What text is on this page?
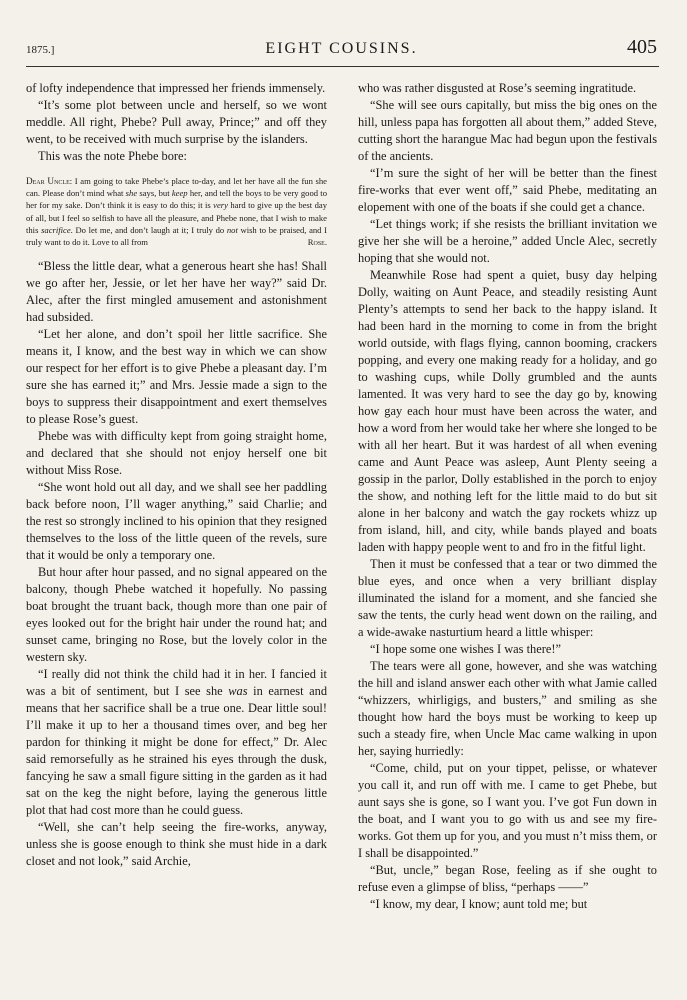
1875.]	EIGHT COUSINS.	405

of lofty independence that impressed her friends immensely.

“It’s some plot between uncle and herself, so we wont meddle. All right, Phebe? Pull away, Prince;” and off they went, to be received with much surprise by the islanders.

This was the note Phebe bore:

Dear Uncle: I am going to take Phebe’s place to-day, and let her have all the fun she can. Please don’t mind what she says, but keep her, and tell the boys to be very good to her for my sake. Don’t think it is easy to do this; it is very hard to give up the best day of all, but I feel so selfish to have all the pleasure, and Phebe none, that I wish to make this sacrifice. Do let me, and don’t laugh at it; I truly do not wish to be praised, and I truly want to do it. Love to all from	Rose.

“Bless the little dear, what a generous heart she has! Shall we go after her, Jessie, or let her have her way?” said Dr. Alec, after the first mingled amusement and astonishment had subsided.

“Let her alone, and don’t spoil her little sacrifice. She means it, I know, and the best way in which we can show our respect for her effort is to give Phebe a pleasant day. I’m sure she has earned it;” and Mrs. Jessie made a sign to the boys to suppress their disappointment and exert themselves to please Rose’s guest.

Phebe was with difficulty kept from going straight home, and declared that she should not enjoy herself one bit without Miss Rose.

“She wont hold out all day, and we shall see her paddling back before noon, I’ll wager anything,” said Charlie; and the rest so strongly inclined to his opinion that they resigned themselves to the loss of the little queen of the revels, sure that it would be only a temporary one.

But hour after hour passed, and no signal appeared on the balcony, though Phebe watched it hopefully. No passing boat brought the truant back, though more than one pair of eyes looked out for the bright hair under the round hat; and sunset came, bringing no Rose, but the lovely color in the western sky.

“I really did not think the child had it in her. I fancied it was a bit of sentiment, but I see she was in earnest and means that her sacrifice shall be a true one. Dear little soul! I’ll make it up to her a thousand times over, and beg her pardon for thinking it might be done for effect,” Dr. Alec said remorsefully as he strained his eyes through the dusk, fancying he saw a small figure sitting in the garden as it had sat on the keg the night before, laying the generous little plot that had cost more than he could guess.

“Well, she can’t help seeing the fire-works, anyway, unless she is goose enough to think she must hide in a dark closet and not look,” said Archie,

who was rather disgusted at Rose’s seeming ingratitude.

“She will see ours capitally, but miss the big ones on the hill, unless papa has forgotten all about them,” added Steve, cutting short the harangue Mac had begun upon the festivals of the ancients.

“I’m sure the sight of her will be better than the finest fire-works that ever went off,” said Phebe, meditating an elopement with one of the boats if she could get a chance.

“Let things work; if she resists the brilliant invitation we give her she will be a heroine,” added Uncle Alec, secretly hoping that she would not.

Meanwhile Rose had spent a quiet, busy day helping Dolly, waiting on Aunt Peace, and steadily resisting Aunt Plenty’s attempts to send her back to the happy island. It had been hard in the morning to come in from the bright world outside, with flags flying, cannon booming, crackers popping, and every one making ready for a holiday, and go to washing cups, while Dolly grumbled and the aunts lamented. It was very hard to see the day go by, knowing how gay each hour must have been across the water, and how a word from her would take her where she longed to be with all her heart. But it was hardest of all when evening came and Aunt Peace was asleep, Aunt Plenty seeing a gossip in the parlor, Dolly established in the porch to enjoy the show, and nothing left for the little maid to do but sit alone in her balcony and watch the gay rockets whizz up from island, hill, and city, while bands played and boats laden with happy people went to and fro in the fitful light.

Then it must be confessed that a tear or two dimmed the blue eyes, and once when a very brilliant display illuminated the island for a moment, and she fancied she saw the tents, the curly head went down on the railing, and a wide-awake nasturtium heard a little whisper:

“I hope some one wishes I was there!”

The tears were all gone, however, and she was watching the hill and island answer each other with what Jamie called “whizzers, whirligigs, and busters,” and smiling as she thought how hard the boys must be working to keep up such a steady fire, when Uncle Mac came walking in upon her, saying hurriedly:

“Come, child, put on your tippet, pelisse, or whatever you call it, and run off with me. I came to get Phebe, but aunt says she is gone, so I want you. I’ve got Fun down in the boat, and I want you to go with us and see my fire-works. Got them up for you, and you must n’t miss them, or I shall be disappointed.”

“But, uncle,” began Rose, feeling as if she ought to refuse even a glimpse of bliss, “perhaps ——”

“I know, my dear, I know; aunt told me; but
